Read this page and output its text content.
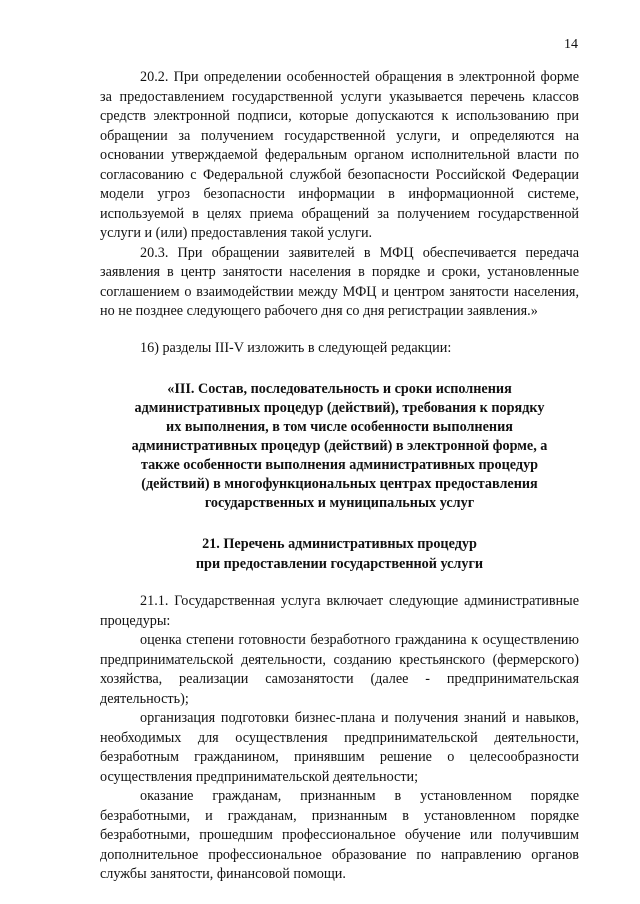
14

20.2. При определении особенностей обращения в электронной форме за предоставлением государственной услуги указывается перечень классов средств электронной подписи, которые допускаются к использованию при обращении за получением государственной услуги, и определяются на основании утверждаемой федеральным органом исполнительной власти по согласованию с Федеральной службой безопасности Российской Федерации модели угроз безопасности информации в информационной системе, используемой в целях приема обращений за получением государственной услуги и (или) предоставления такой услуги.

20.3. При обращении заявителей в МФЦ обеспечивается передача заявления в центр занятости населения в порядке и сроки, установленные соглашением о взаимодействии между МФЦ и центром занятости населения, но не позднее следующего рабочего дня со дня регистрации заявления.»

16) разделы III-V изложить в следующей редакции:

«III. Состав, последовательность и сроки исполнения
административных процедур (действий), требования к порядку
их выполнения, в том числе особенности выполнения
административных процедур (действий) в электронной форме, а
также особенности выполнения административных процедур
(действий) в многофункциональных центрах предоставления
государственных и муниципальных услуг
21. Перечень административных процедур
при предоставлении государственной услуги

21.1. Государственная услуга включает следующие административные процедуры:

оценка степени готовности безработного гражданина к осуществлению предпринимательской деятельности, созданию крестьянского (фермерского) хозяйства, реализации самозанятости (далее - предпринимательская деятельность);

организация подготовки бизнес-плана и получения знаний и навыков, необходимых для осуществления предпринимательской деятельности, безработным гражданином, принявшим решение о целесообразности осуществления предпринимательской деятельности;

оказание гражданам, признанным в установленном порядке безработными, и гражданам, признанным в установленном порядке безработными, прошедшим профессиональное обучение или получившим дополнительное профессиональное образование по направлению органов службы занятости, финансовой помощи.
